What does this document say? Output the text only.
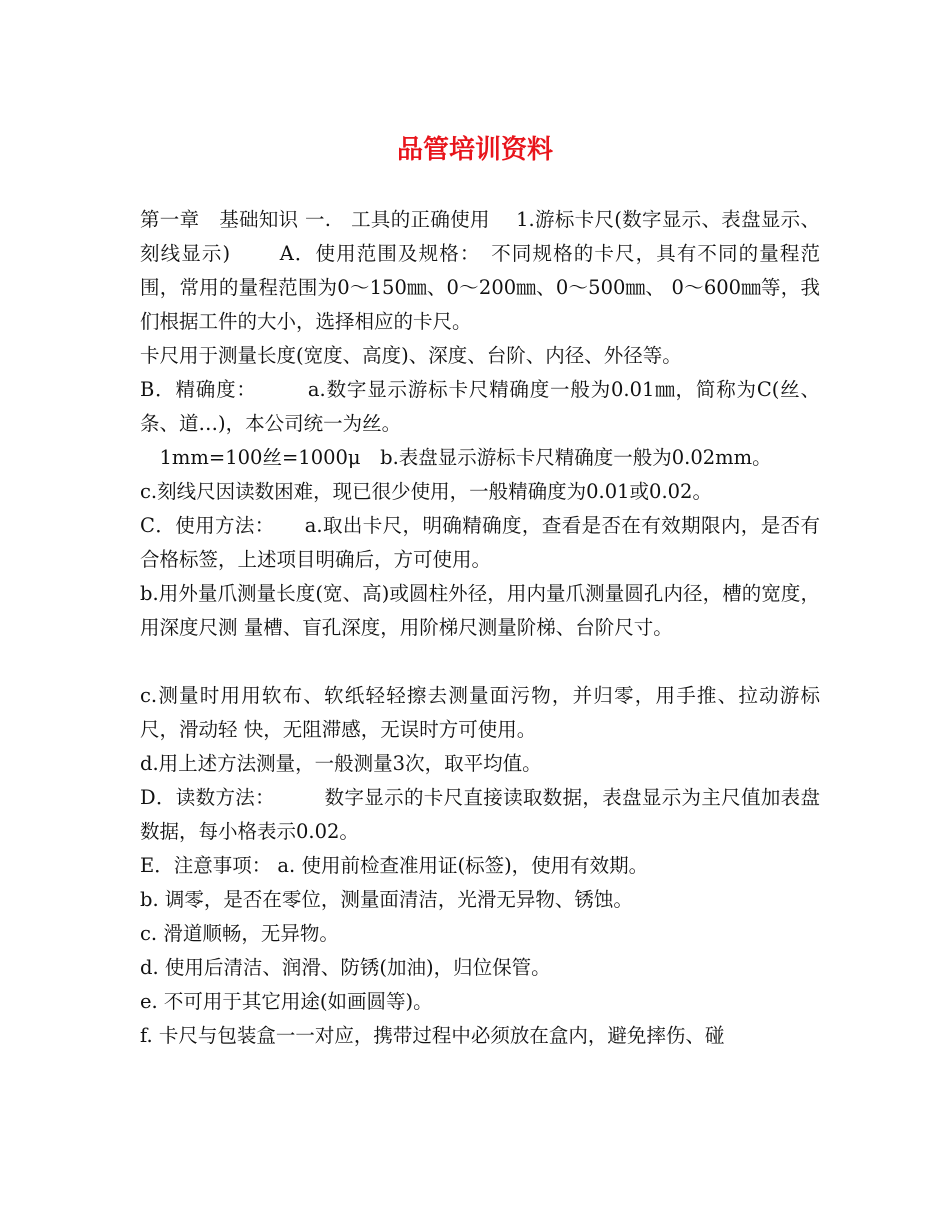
品管培训资料

第一章　基础知识 一.　工具的正确使用　 1.游标卡尺(数字显示、表盘显示、刻线显示)　　 A．使用范围及规格：　不同规格的卡尺，具有不同的量程范围，常用的量程范围为0～150㎜、0～200㎜、0～500㎜、 0～600㎜等，我们根据工件的大小，选择相应的卡尺。

卡尺用于测量长度(宽度、高度)、深度、台阶、内径、外径等。

B．精确度：　　　a.数字显示游标卡尺精确度一般为0.01㎜，简称为C(丝、条、道…)，本公司统一为丝。

　1mm=100丝=1000μ　b.表盘显示游标卡尺精确度一般为0.02mm。

c.刻线尺因读数困难，现已很少使用，一般精确度为0.01或0.02。

C．使用方法：　　a.取出卡尺，明确精确度，查看是否在有效期限内，是否有合格标签，上述项目明确后，方可使用。

b.用外量爪测量长度(宽、高)或圆柱外径，用内量爪测量圆孔内径，槽的宽度，用深度尺测 量槽、盲孔深度，用阶梯尺测量阶梯、台阶尺寸。

c.测量时用用软布、软纸轻轻擦去测量面污物，并归零，用手推、拉动游标尺，滑动轻 快，无阻滞感，无误时方可使用。

d.用上述方法测量，一般测量3次，取平均值。

D．读数方法：　　　数字显示的卡尺直接读取数据，表盘显示为主尺值加表盘数据，每小格表示0.02。

E．注意事项： a. 使用前检查准用证(标签)，使用有效期。

b. 调零，是否在零位，测量面清洁，光滑无异物、锈蚀。

c. 滑道顺畅，无异物。

d. 使用后清洁、润滑、防锈(加油)，归位保管。

e. 不可用于其它用途(如画圆等)。

f. 卡尺与包装盒一一对应，携带过程中必须放在盒内，避免摔伤、碰
